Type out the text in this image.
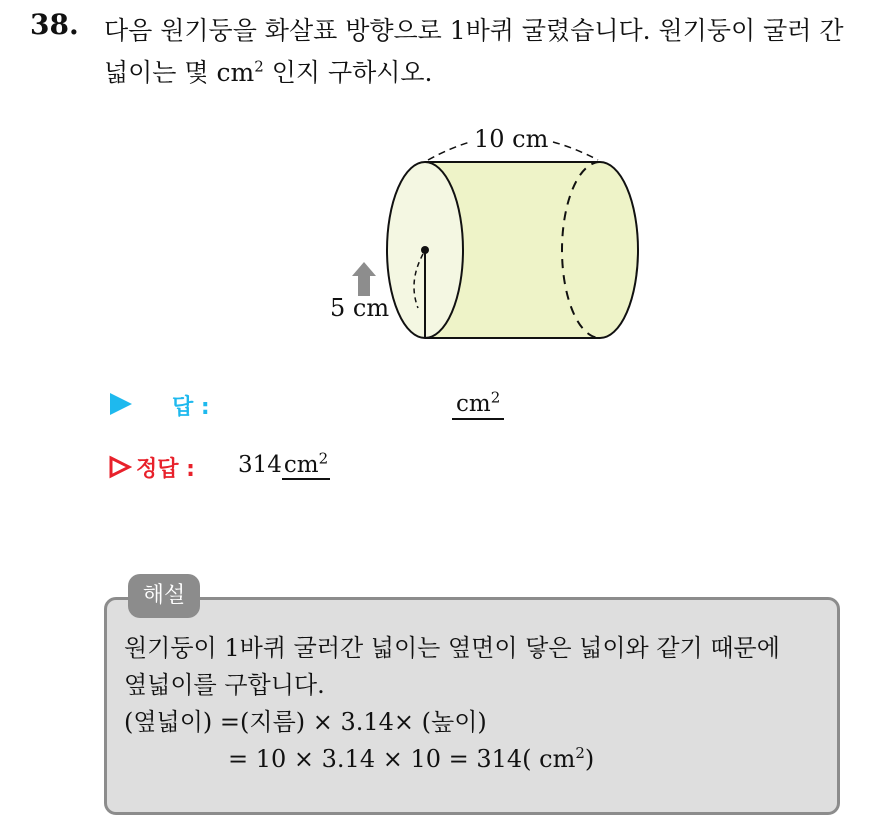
38. 다음 원기둥을 화살표 방향으로 1바퀴 굴렸습니다. 원기둥이 굴러 간
넓이는 몇 $cm^2$ 인지 구하시오.
10 cm
5 cm
답 :	$cm^2$
정답 : $314cm^2$
해설
원기둥이 1바퀴 굴러간 넓이는 옆면이 닿은 넓이와 같기 때문에
옆넓이를 구합니다.
(옆넓이) =(지름) × 3.14× (높이)
= 10 × 3.14 × 10 = 314( $cm^2$)
